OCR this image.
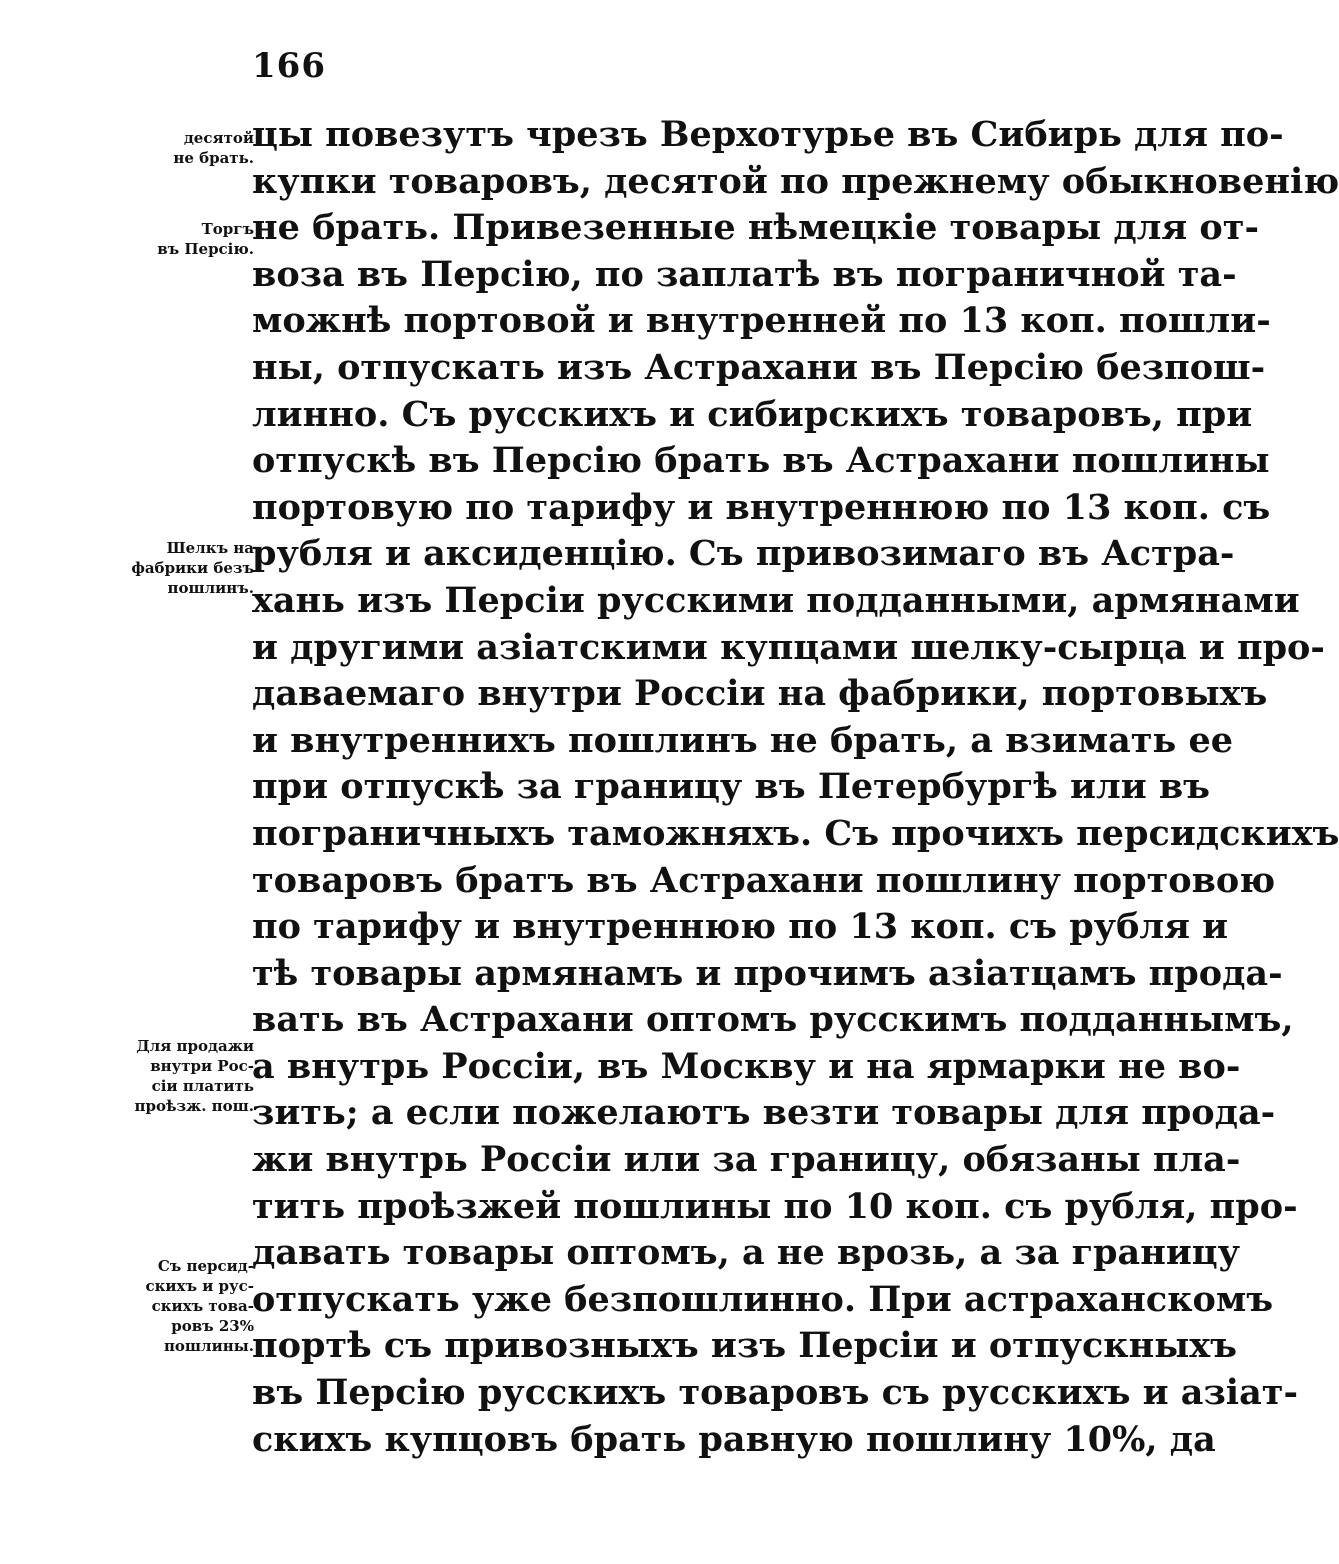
166
десятой
не брать.
Торгъ
въ Персію.
Шелкъ на
фабрики безъ
пошлинъ.
Для продажи
внутри Рос-
сіи платить
проѣзж. пош.
Съ персид-
скихъ и рус-
скихъ това-
ровъ 23%
пошлины.
цы повезутъ чрезъ Верхотурье въ Сибирь для по-
купки товаровъ, десятой по прежнему обыкновенію
не брать. Привезенные нѣмецкіе товары для от-
воза въ Персію, по заплатѣ въ пограничной та-
можнѣ портовой и внутренней по 13 коп. пошли-
ны, отпускать изъ Астрахани въ Персію безпош-
линно. Съ русскихъ и сибирскихъ товаровъ, при
отпускѣ въ Персію брать въ Астрахани пошлины
портовую по тарифу и внутреннюю по 13 коп. съ
рубля и аксиденцію. Съ привозимаго въ Астра-
хань изъ Персіи русскими подданными, армянами
и другими азіатскими купцами шелку-сырца и про-
даваемаго внутри Россіи на фабрики, портовыхъ
и внутреннихъ пошлинъ не брать, а взимать ее
при отпускѣ за границу въ Петербургѣ или въ
пограничныхъ таможняхъ. Съ прочихъ персидскихъ
товаровъ братъ въ Астрахани пошлину портовою
по тарифу и внутреннюю по 13 коп. съ рубля и
тѣ товары армянамъ и прочимъ азіатцамъ прода-
вать въ Астрахани оптомъ русскимъ подданнымъ,
а внутрь Россіи, въ Москву и на ярмарки не во-
зить; а если пожелаютъ везти товары для прода-
жи внутрь Россіи или за границу, обязаны пла-
тить проѣзжей пошлины по 10 коп. съ рубля, про-
давать товары оптомъ, а не врозь, а за границу
отпускать уже безпошлинно. При астраханскомъ
портѣ съ привозныхъ изъ Персіи и отпускныхъ
въ Персію русскихъ товаровъ съ русскихъ и азіат-
скихъ купцовъ брать равную пошлину 10%, да
